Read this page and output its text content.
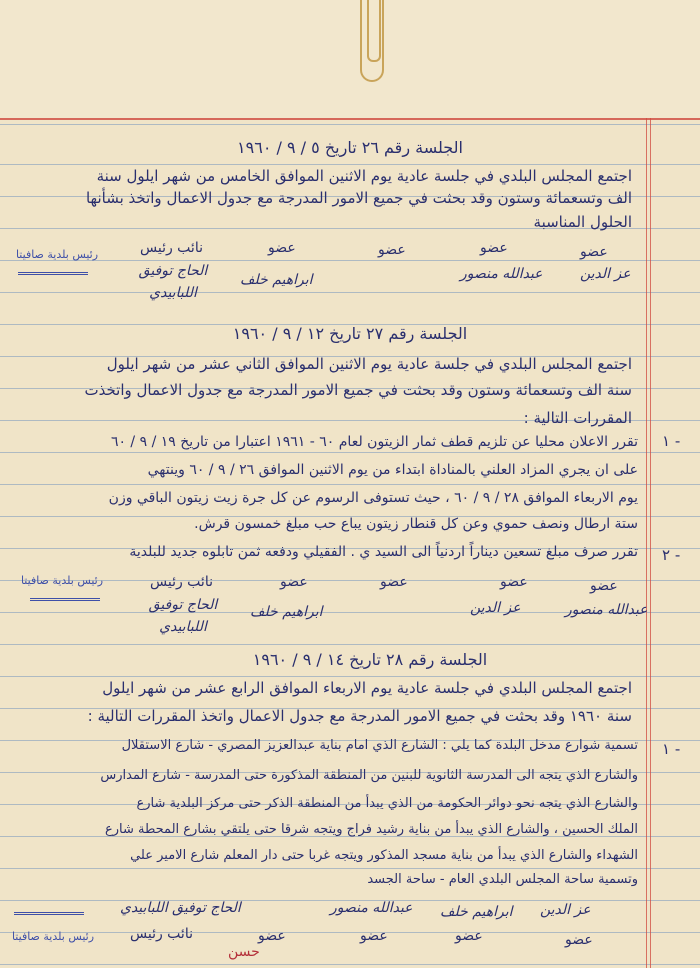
الجلسة رقم ٢٦ تاريخ ٥ / ٩ / ١٩٦٠
اجتمع المجلس البلدي في جلسة عادية يوم الاثنين الموافق الخامس من شهر ايلول سنة
الف وتسعمائة وستون وقد بحثت في جميع الامور المدرجة مع جدول الاعمال واتخذ بشأنها
الحلول المناسبة
عضو
عضو
عضو
عضو
نائب رئيس
عز الدين
عبدالله منصور
ابراهيم خلف
الحاج توفيق اللبابيدي
رئيس بلدية صافيتا
الجلسة رقم ٢٧ تاريخ ١٢ / ٩ / ١٩٦٠
اجتمع المجلس البلدي في جلسة عادية يوم الاثنين الموافق الثاني عشر من شهر ايلول
سنة الف وتسعمائة وستون وقد بحثت في جميع الامور المدرجة مع جدول الاعمال واتخذت
المقررات التالية :
١ -
تقرر الاعلان محليا عن تلزيم قطف ثمار الزيتون لعام ٦٠ - ١٩٦١ اعتبارا من تاريخ ١٩ / ٩ / ٦٠
على ان يجري المزاد العلني بالمناداة ابتداء من يوم الاثنين الموافق ٢٦ / ٩ / ٦٠ وينتهي
يوم الاربعاء الموافق ٢٨ / ٩ / ٦٠ ، حيث تستوفى الرسوم عن كل جرة زيت زيتون الباقي وزن
ستة ارطال ونصف حموي وعن كل قنطار زيتون يباع حب مبلغ خمسون قرش.
٢ -
تقرر صرف مبلغ تسعين ديناراً اردنياً الى السيد ي . الفقيلي ودفعه ثمن تابلوه جديد للبلدية
عضو
عضو
عضو
عضو
نائب رئيس
عبدالله منصور
عز الدين
ابراهيم خلف
الحاج توفيق اللبابيدي
رئيس بلدية صافيتا
الجلسة رقم ٢٨ تاريخ ١٤ / ٩ / ١٩٦٠
اجتمع المجلس البلدي في جلسة عادية يوم الاربعاء الموافق الرابع عشر من شهر ايلول
سنة ١٩٦٠ وقد بحثت في جميع الامور المدرجة مع جدول الاعمال واتخذ المقررات التالية :
١ -
تسمية شوارع مدخل البلدة كما يلي : الشارع الذي امام بناية عبدالعزيز المصري - شارع الاستقلال
والشارع الذي يتجه الى المدرسة الثانوية للبنين من المنطقة المذكورة حتى المدرسة - شارع المدارس
والشارع الذي يتجه نحو دوائر الحكومة من الذي يبدأ من المنطقة الذكر حتى مركز البلدية شارع
الملك الحسين ، والشارع الذي يبدأ من بناية رشيد فراج ويتجه شرقا حتى يلتقي بشارع المحطة شارع
الشهداء والشارع الذي يبدأ من بناية مسجد المذكور ويتجه غربا حتى دار المعلم شارع الامير علي
وتسمية ساحة المجلس البلدي العام - ساحة الجسد
عز الدين
ابراهيم خلف
عبدالله منصور
الحاج توفيق اللبابيدي
عضو
عضو
عضو
عضو
نائب رئيس
حسن
رئيس بلدية صافيتا
